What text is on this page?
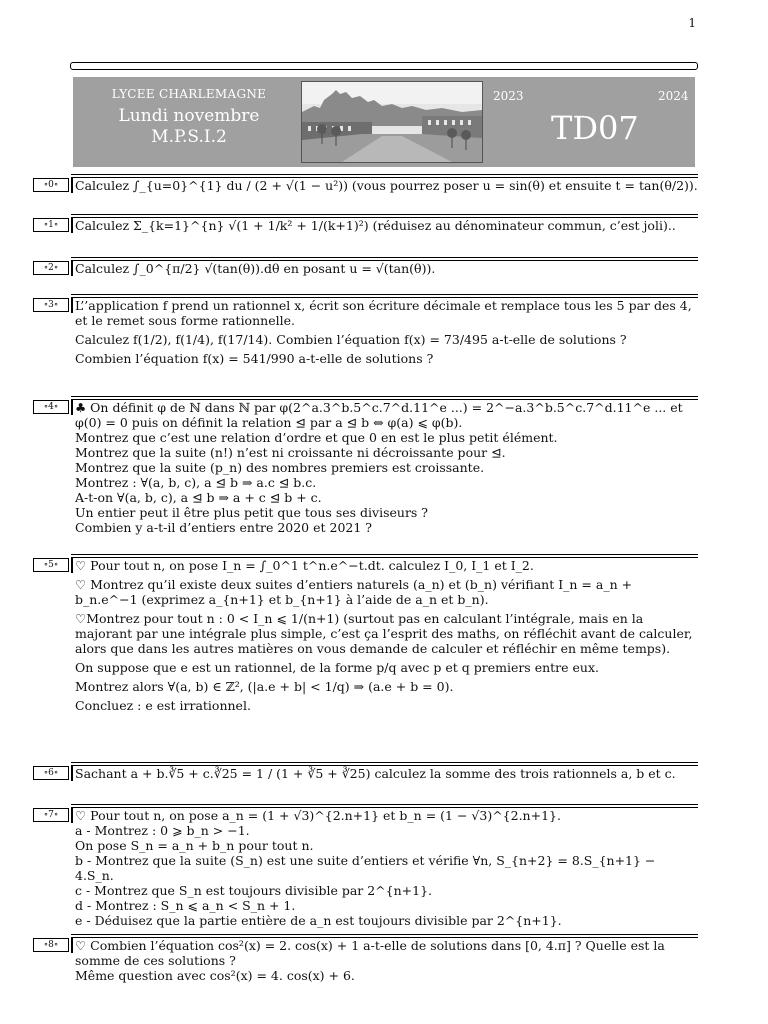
1
LYCEE CHARLEMAGNE
Lundi novembre
M.P.S.I.2
2023	2024
TD07
∘0∘	Calculez ∫_{u=0}^{1} du / (2 + √(1 − u²)) (vous pourrez poser u = sin(θ) et ensuite t = tan(θ/2)).

∘1∘	Calculez Σ_{k=1}^{n} √(1 + 1/k² + 1/(k+1)²) (réduisez au dénominateur commun, c’est joli)..

∘2∘	Calculez ∫_0^{π/2} √(tan(θ)).dθ en posant u = √(tan(θ)).

∘3∘	L’’application f prend un rationnel x, écrit son écriture décimale et remplace tous les 5 par des 4, et le remet sous forme rationnelle.

Calculez f(1/2), f(1/4), f(17/14). Combien l’équation f(x) = 73/495 a-t-elle de solutions ?

Combien l’équation f(x) = 541/990 a-t-elle de solutions ?

∘4∘	♣ On définit φ de ℕ dans ℕ par φ(2^a.3^b.5^c.7^d.11^e ...) = 2^−a.3^b.5^c.7^d.11^e ... et φ(0) = 0 puis on définit la relation ⊴ par a ⊴ b ⇔ φ(a) ⩽ φ(b).

Montrez que c’est une relation d’ordre et que 0 en est le plus petit élément.

Montrez que la suite (n!) n’est ni croissante ni décroissante pour ⊴.

Montrez que la suite (p_n) des nombres premiers est croissante.

Montrez : ∀(a, b, c), a ⊴ b ⇒ a.c ⊴ b.c.

A-t-on ∀(a, b, c), a ⊴ b ⇒ a + c ⊴ b + c.

Un entier peut il être plus petit que tous ses diviseurs ?

Combien y a-t-il d’entiers entre 2020 et 2021 ?

∘5∘	♡ Pour tout n, on pose I_n = ∫_0^1 t^n.e^−t.dt. calculez I_0, I_1 et I_2.

♡ Montrez qu’il existe deux suites d’entiers naturels (a_n) et (b_n) vérifiant I_n = a_n + b_n.e^−1 (exprimez a_{n+1} et b_{n+1} à l’aide de a_n et b_n).

♡Montrez pour tout n : 0 < I_n ⩽ 1/(n+1) (surtout pas en calculant l’intégrale, mais en la majorant par une intégrale plus simple, c’est ça l’esprit des maths, on réfléchit avant de calculer, alors que dans les autres matières on vous demande de calculer et réfléchir en même temps).

On suppose que e est un rationnel, de la forme p/q avec p et q premiers entre eux.

Montrez alors ∀(a, b) ∈ ℤ², (|a.e + b| < 1/q) ⇒ (a.e + b = 0).

Concluez : e est irrationnel.

∘6∘	Sachant a + b.∛5 + c.∛25 = 1 / (1 + ∛5 + ∛25) calculez la somme des trois rationnels a, b et c.

∘7∘	♡ Pour tout n, on pose a_n = (1 + √3)^{2.n+1} et b_n = (1 − √3)^{2.n+1}.

a - Montrez : 0 ⩾ b_n > −1.

On pose S_n = a_n + b_n pour tout n.

b - Montrez que la suite (S_n) est une suite d’entiers et vérifie ∀n, S_{n+2} = 8.S_{n+1} − 4.S_n.

c - Montrez que S_n est toujours divisible par 2^{n+1}.

d - Montrez : S_n ⩽ a_n < S_n + 1.

e - Déduisez que la partie entière de a_n est toujours divisible par 2^{n+1}.

∘8∘	♡ Combien l’équation cos²(x) = 2. cos(x) + 1 a-t-elle de solutions dans [0, 4.π] ? Quelle est la somme de ces solutions ?

Même question avec cos²(x) = 4. cos(x) + 6.
